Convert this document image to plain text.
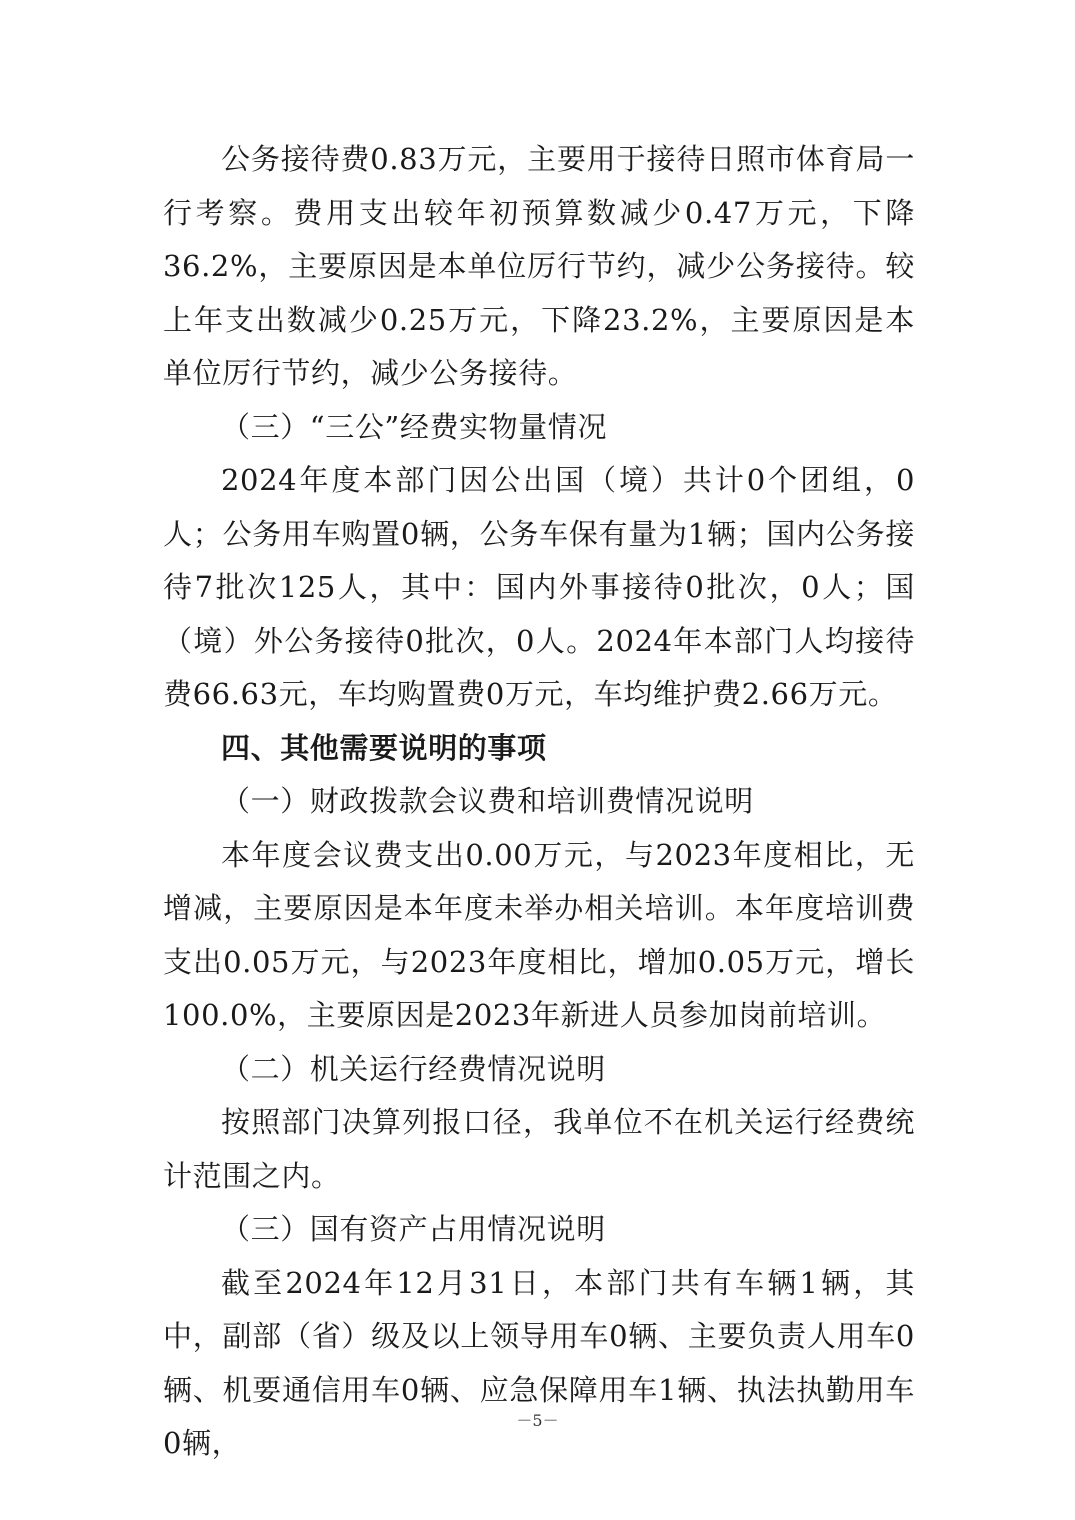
公务接待费0.83万元，主要用于接待日照市体育局一行考察。费用支出较年初预算数减少0.47万元，下降36.2%，主要原因是本单位厉行节约，减少公务接待。较上年支出数减少0.25万元，下降23.2%，主要原因是本单位厉行节约，减少公务接待。

（三）“三公”经费实物量情况

2024年度本部门因公出国（境）共计0个团组，0人；公务用车购置0辆，公务车保有量为1辆；国内公务接待7批次125人，其中：国内外事接待0批次，0人；国（境）外公务接待0批次，0人。2024年本部门人均接待费66.63元，车均购置费0万元，车均维护费2.66万元。

四、其他需要说明的事项

（一）财政拨款会议费和培训费情况说明

本年度会议费支出0.00万元，与2023年度相比，无增减，主要原因是本年度未举办相关培训。本年度培训费支出0.05万元，与2023年度相比，增加0.05万元，增长100.0%，主要原因是2023年新进人员参加岗前培训。

（二）机关运行经费情况说明

按照部门决算列报口径，我单位不在机关运行经费统计范围之内。

（三）国有资产占用情况说明

截至2024年12月31日，本部门共有车辆1辆，其中，副部（省）级及以上领导用车0辆、主要负责人用车0辆、机要通信用车0辆、应急保障用车1辆、执法执勤用车0辆，

－5－
